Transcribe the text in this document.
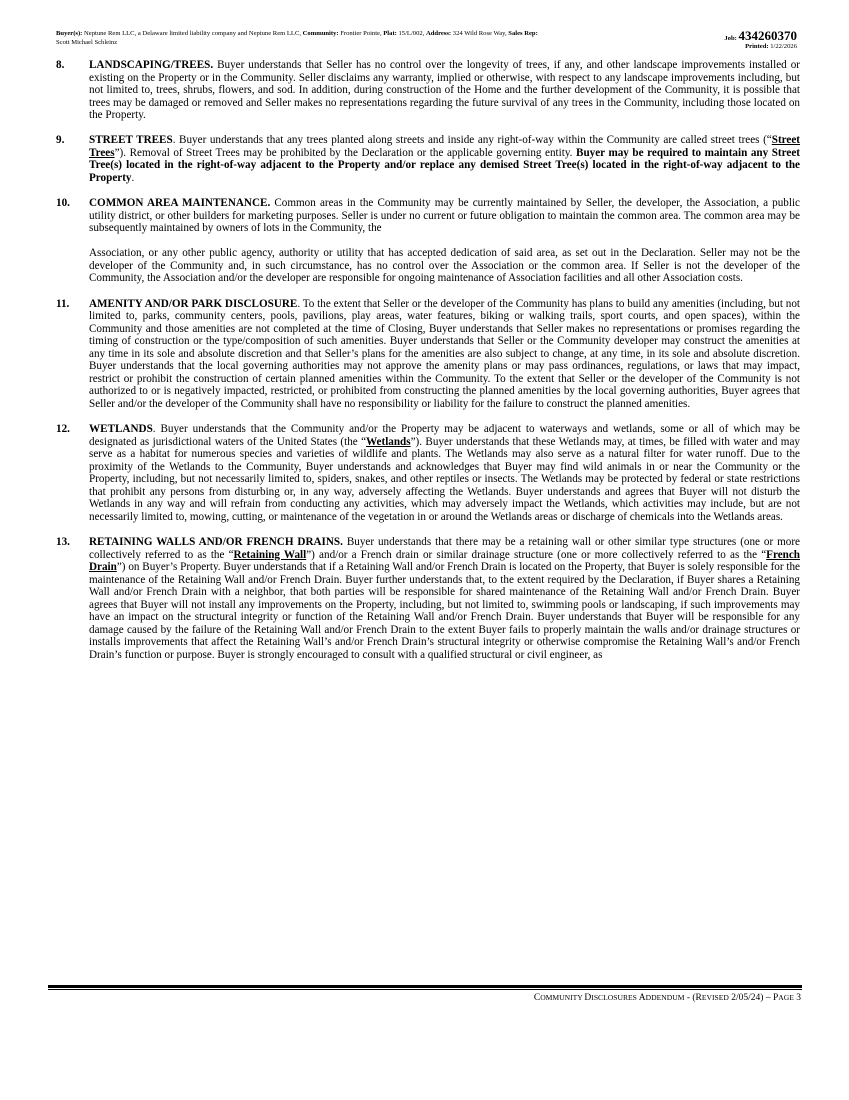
Buyer(s): Neptune Rem LLC, a Delaware limited liability company and Neptune Rem LLC, Community: Frontier Pointe, Plat: 15/L/002, Address: 324 Wild Rose Way, Sales Rep:
Scott Michael Schleinz	Job: 434260370
Printed: 1/22/2026
8. LANDSCAPING/TREES. Buyer understands that Seller has no control over the longevity of trees, if any, and other landscape improvements installed or existing on the Property or in the Community. Seller disclaims any warranty, implied or otherwise, with respect to any landscape improvements including, but not limited to, trees, shrubs, flowers, and sod. In addition, during construction of the Home and the further development of the Community, it is possible that trees may be damaged or removed and Seller makes no representations regarding the future survival of any trees in the Community, including those located on the Property.

9. STREET TREES. Buyer understands that any trees planted along streets and inside any right-of-way within the Community are called street trees (“Street Trees”). Removal of Street Trees may be prohibited by the Declaration or the applicable governing entity. Buyer may be required to maintain any Street Tree(s) located in the right-of-way adjacent to the Property and/or replace any demised Street Tree(s) located in the right-of-way adjacent to the Property.

10. COMMON AREA MAINTENANCE. Common areas in the Community may be currently maintained by Seller, the developer, the Association, a public utility district, or other builders for marketing purposes. Seller is under no current or future obligation to maintain the common area. The common area may be subsequently maintained by owners of lots in the Community, the

Association, or any other public agency, authority or utility that has accepted dedication of said area, as set out in the Declaration. Seller may not be the developer of the Community and, in such circumstance, has no control over the Association or the common area. If Seller is not the developer of the Community, the Association and/or the developer are responsible for ongoing maintenance of Association facilities and all other Association costs.

11. AMENITY AND/OR PARK DISCLOSURE. To the extent that Seller or the developer of the Community has plans to build any amenities (including, but not limited to, parks, community centers, pools, pavilions, play areas, water features, biking or walking trails, sport courts, and open spaces), within the Community and those amenities are not completed at the time of Closing, Buyer understands that Seller makes no representations or promises regarding the timing of construction or the type/composition of such amenities. Buyer understands that Seller or the Community developer may construct the amenities at any time in its sole and absolute discretion and that Seller’s plans for the amenities are also subject to change, at any time, in its sole and absolute discretion. Buyer understands that the local governing authorities may not approve the amenity plans or may pass ordinances, regulations, or laws that may impact, restrict or prohibit the construction of certain planned amenities within the Community. To the extent that Seller or the developer of the Community is not authorized to or is negatively impacted, restricted, or prohibited from constructing the planned amenities by the local governing authorities, Buyer agrees that Seller and/or the developer of the Community shall have no responsibility or liability for the failure to construct the planned amenities.

12. WETLANDS. Buyer understands that the Community and/or the Property may be adjacent to waterways and wetlands, some or all of which may be designated as jurisdictional waters of the United States (the “Wetlands”). Buyer understands that these Wetlands may, at times, be filled with water and may serve as a habitat for numerous species and varieties of wildlife and plants. The Wetlands may also serve as a natural filter for water runoff. Due to the proximity of the Wetlands to the Community, Buyer understands and acknowledges that Buyer may find wild animals in or near the Community or the Property, including, but not necessarily limited to, spiders, snakes, and other reptiles or insects. The Wetlands may be protected by federal or state restrictions that prohibit any persons from disturbing or, in any way, adversely affecting the Wetlands. Buyer understands and agrees that Buyer will not disturb the Wetlands in any way and will refrain from conducting any activities, which may adversely impact the Wetlands, which activities may include, but are not necessarily limited to, mowing, cutting, or maintenance of the vegetation in or around the Wetlands areas or discharge of chemicals into the Wetlands areas.

13. RETAINING WALLS AND/OR FRENCH DRAINS. Buyer understands that there may be a retaining wall or other similar type structures (one or more collectively referred to as the “Retaining Wall”) and/or a French drain or similar drainage structure (one or more collectively referred to as the “French Drain”) on Buyer’s Property. Buyer understands that if a Retaining Wall and/or French Drain is located on the Property, that Buyer is solely responsible for the maintenance of the Retaining Wall and/or French Drain. Buyer further understands that, to the extent required by the Declaration, if Buyer shares a Retaining Wall and/or French Drain with a neighbor, that both parties will be responsible for shared maintenance of the Retaining Wall and/or French Drain. Buyer agrees that Buyer will not install any improvements on the Property, including, but not limited to, swimming pools or landscaping, if such improvements may have an impact on the structural integrity or function of the Retaining Wall and/or French Drain. Buyer understands that Buyer will be responsible for any damage caused by the failure of the Retaining Wall and/or French Drain to the extent Buyer fails to properly maintain the walls and/or drainage structures or installs improvements that affect the Retaining Wall’s and/or French Drain’s structural integrity or otherwise compromise the Retaining Wall’s and/or French Drain’s function or purpose. Buyer is strongly encouraged to consult with a qualified structural or civil engineer, as

COMMUNITY DISCLOSURES ADDENDUM - (REVISED 2/05/24) – PAGE 3
